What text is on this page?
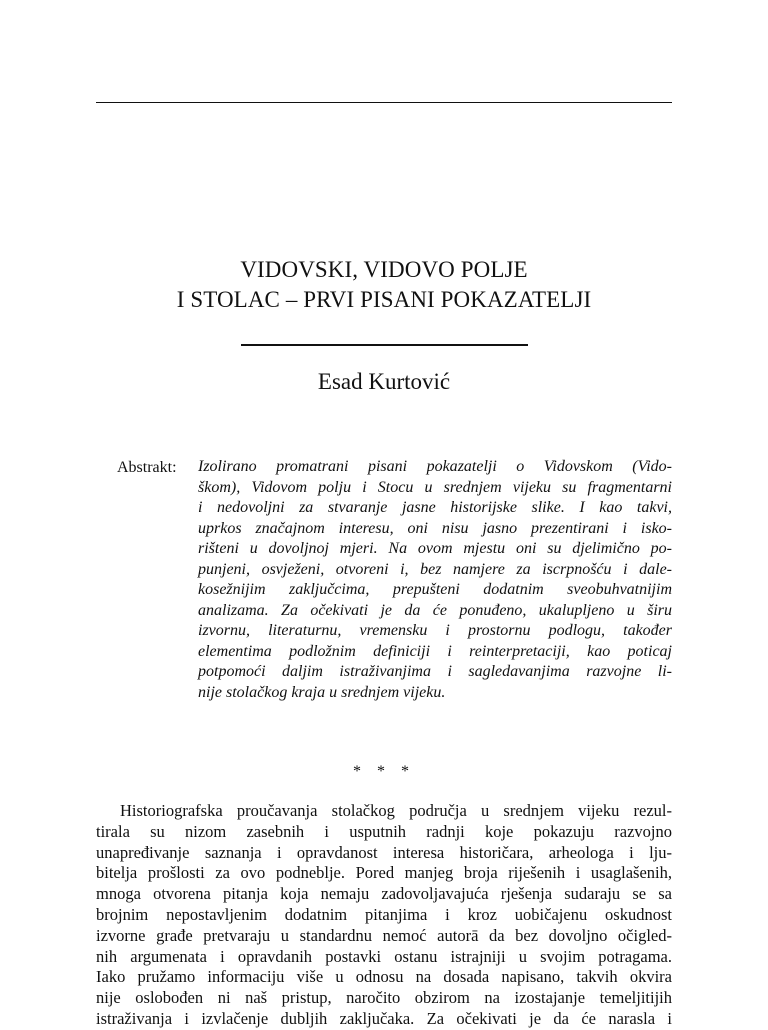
VIDOVSKI, VIDOVO POLJE
I STOLAC – PRVI PISANI POKAZATELJI
Esad Kurtović
Abstrakt: Izolirano promatrani pisani pokazatelji o Vidovskom (Vido-
škom), Vidovom polju i Stocu u srednjem vijeku su fragmentarni
i nedovoljni za stvaranje jasne historijske slike. I kao takvi,
uprkos značajnom interesu, oni nisu jasno prezentirani i isko-
rišteni u dovoljnoj mjeri. Na ovom mjestu oni su djelimično po-
punjeni, osvježeni, otvoreni i, bez namjere za iscrpnošću i dale-
kosežnijim zaključcima, prepušteni dodatnim sveobuhvatnijim
analizama. Za očekivati je da će ponuđeno, ukalupljeno u širu
izvornu, literaturnu, vremensku i prostornu podlogu, također
elementima podložnim definiciji i reinterpretaciji, kao poticaj
potpomoći daljim istraživanjima i sagledavanjima razvojne li-
nije stolačkog kraja u srednjem vijeku.
* * *
Historiografska proučavanja stolačkog područja u srednjem vijeku rezul-
tirala su nizom zasebnih i usputnih radnji koje pokazuju razvojno
unapređivanje saznanja i opravdanost interesa historičara, arheologa i lju-
bitelja prošlosti za ovo podneblje. Pored manjeg broja riješenih i usaglašenih,
mnoga otvorena pitanja koja nemaju zadovoljavajuća rješenja sudaraju se sa
brojnim nepostavljenim dodatnim pitanjima i kroz uobičajenu oskudnost
izvorne građe pretvaraju u standardnu nemoć autorā da bez dovoljno očigled-
nih argumenata i opravdanih postavki ostanu istrajniji u svojim potragama.
Iako pružamo informaciju više u odnosu na dosada napisano, takvih okvira
nije oslobođen ni naš pristup, naročito obzirom na izostajanje temeljitijih
istraživanja i izvlačenje dubljih zaključaka. Za očekivati je da će narasla i
